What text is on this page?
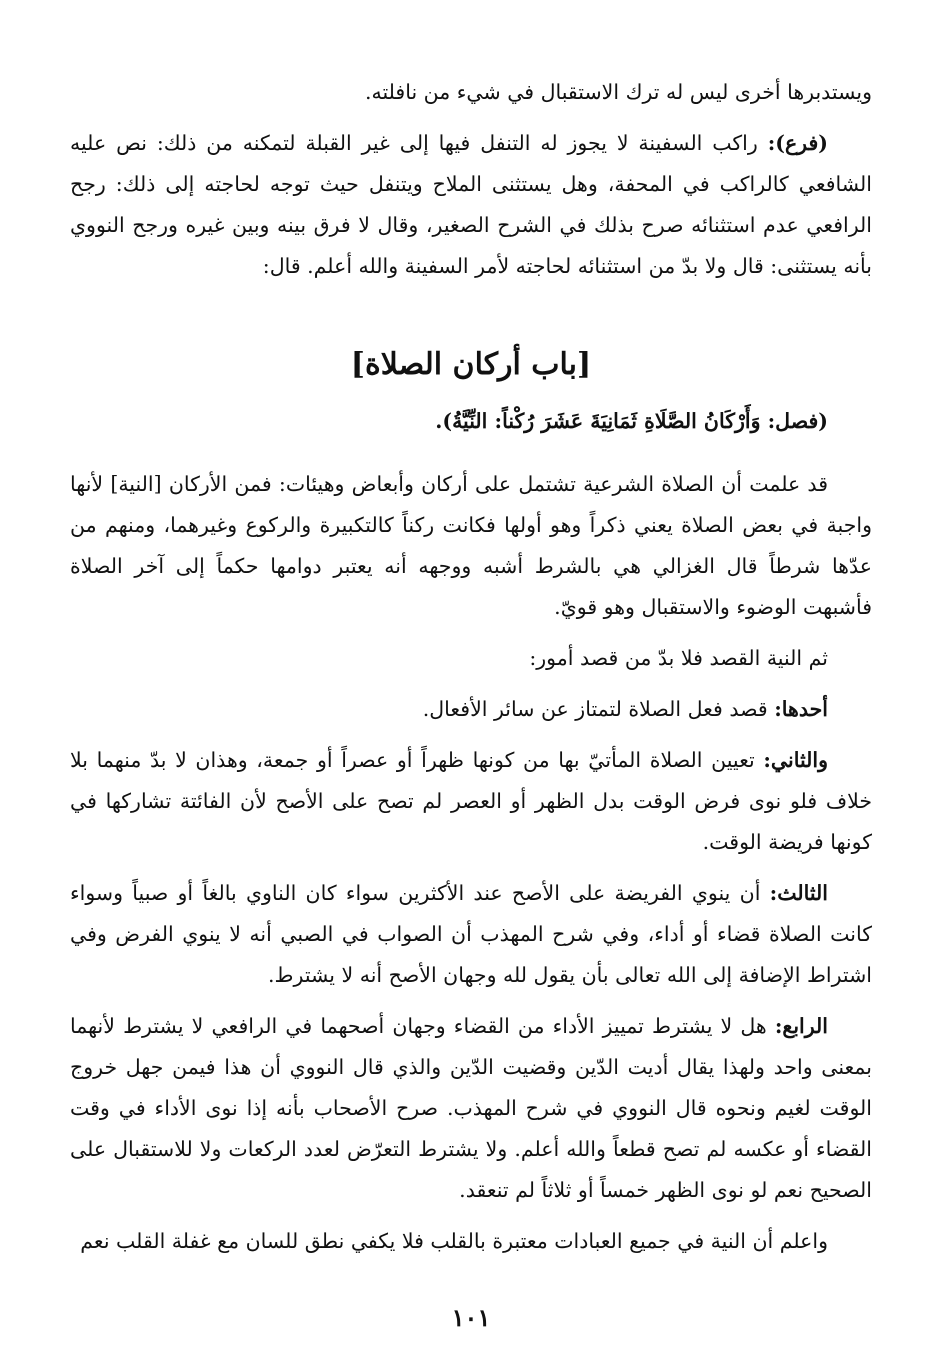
ويستدبرها أخرى ليس له ترك الاستقبال في شيء من نافلته.

(فرع): راكب السفينة لا يجوز له التنفل فيها إلى غير القبلة لتمكنه من ذلك: نص عليه الشافعي كالراكب في المحفة، وهل يستثنى الملاح ويتنفل حيث توجه لحاجته إلى ذلك: رجح الرافعي عدم استثنائه صرح بذلك في الشرح الصغير، وقال لا فرق بينه وبين غيره ورجح النووي بأنه يستثنى: قال ولا بدّ من استثنائه لحاجته لأمر السفينة والله أعلم. قال:

[باب أركان الصلاة]

(فصل: وَأَرْكَانُ الصَّلَاةِ ثَمَانِيَةَ عَشَرَ رُكْناً: النِّيَّةُ).

قد علمت أن الصلاة الشرعية تشتمل على أركان وأبعاض وهيئات: فمن الأركان [النية] لأنها واجبة في بعض الصلاة يعني ذكراً وهو أولها فكانت ركناً كالتكبيرة والركوع وغيرهما، ومنهم من عدّها شرطاً قال الغزالي هي بالشرط أشبه ووجهه أنه يعتبر دوامها حكماً إلى آخر الصلاة فأشبهت الوضوء والاستقبال وهو قويّ.

ثم النية القصد فلا بدّ من قصد أمور:

أحدها: قصد فعل الصلاة لتمتاز عن سائر الأفعال.

والثاني: تعيين الصلاة المأتيّ بها من كونها ظهراً أو عصراً أو جمعة، وهذان لا بدّ منهما بلا خلاف فلو نوى فرض الوقت بدل الظهر أو العصر لم تصح على الأصح لأن الفائتة تشاركها في كونها فريضة الوقت.

الثالث: أن ينوي الفريضة على الأصح عند الأكثرين سواء كان الناوي بالغاً أو صبياً وسواء كانت الصلاة قضاء أو أداء، وفي شرح المهذب أن الصواب في الصبي أنه لا ينوي الفرض وفي اشتراط الإضافة إلى الله تعالى بأن يقول لله وجهان الأصح أنه لا يشترط.

الرابع: هل لا يشترط تمييز الأداء من القضاء وجهان أصحهما في الرافعي لا يشترط لأنهما بمعنى واحد ولهذا يقال أديت الدّين وقضيت الدّين والذي قال النووي أن هذا فيمن جهل خروج الوقت لغيم ونحوه قال النووي في شرح المهذب. صرح الأصحاب بأنه إذا نوى الأداء في وقت القضاء أو عكسه لم تصح قطعاً والله أعلم. ولا يشترط التعرّض لعدد الركعات ولا للاستقبال على الصحيح نعم لو نوى الظهر خمساً أو ثلاثاً لم تنعقد.

واعلم أن النية في جميع العبادات معتبرة بالقلب فلا يكفي نطق للسان مع غفلة القلب نعم

١٠١
